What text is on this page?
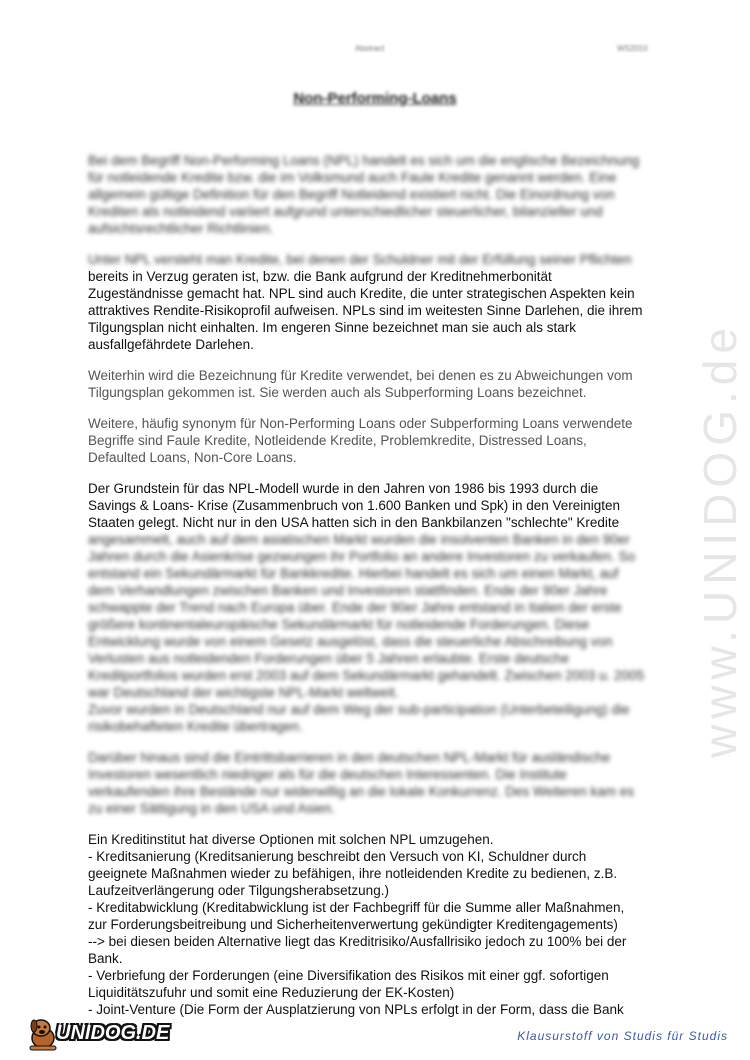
Abstract	WS2010
Non-Performing-Loans

Bei dem Begriff Non-Performing Loans (NPL) handelt es sich um die englische Bezeichnung
für notleidende Kredite bzw. die im Volksmund auch Faule Kredite genannt werden. Eine
allgemein gültige Definition für den Begriff Notleidend existiert nicht. Die Einordnung von
Krediten als notleidend variiert aufgrund unterschiedlicher steuerlicher, bilanzieller und
aufsichtsrechtlicher Richtlinien.

Unter NPL versteht man Kredite, bei denen der Schuldner mit der Erfüllung seiner Pflichten

bereits in Verzug geraten ist, bzw. die Bank aufgrund der Kreditnehmerbonität
Zugeständnisse gemacht hat. NPL sind auch Kredite, die unter strategischen Aspekten kein
attraktives Rendite-Risikoprofil aufweisen. NPLs sind im weitesten Sinne Darlehen, die ihrem
Tilgungsplan nicht einhalten. Im engeren Sinne bezeichnet man sie auch als stark
ausfallgefährdete Darlehen.

Weiterhin wird die Bezeichnung für Kredite verwendet, bei denen es zu Abweichungen vom
Tilgungsplan gekommen ist. Sie werden auch als Subperforming Loans bezeichnet.

Weitere, häufig synonym für Non-Performing Loans oder Subperforming Loans verwendete
Begriffe sind Faule Kredite, Notleidende Kredite, Problemkredite, Distressed Loans,
Defaulted Loans, Non-Core Loans.

Der Grundstein für das NPL-Modell wurde in den Jahren von 1986 bis 1993 durch die
Savings & Loans- Krise (Zusammenbruch von 1.600 Banken und Spk) in den Vereinigten
Staaten gelegt. Nicht nur in den USA hatten sich in den Bankbilanzen "schlechte" Kredite

angesammelt, auch auf dem asiatischen Markt wurden die insolventen Banken in den 90er
Jahren durch die Asienkrise gezwungen ihr Portfolio an andere Investoren zu verkaufen. So
entstand ein Sekundärmarkt für Bankkredite. Hierbei handelt es sich um einen Markt, auf
dem Verhandlungen zwischen Banken und Investoren stattfinden. Ende der 90er Jahre
schwappte der Trend nach Europa über. Ende der 90er Jahre entstand in Italien der erste
größere kontinentaleuropäische Sekundärmarkt für notleidende Forderungen. Diese
Entwicklung wurde von einem Gesetz ausgelöst, dass die steuerliche Abschreibung von
Verlusten aus notleidenden Forderungen über 5 Jahren erlaubte. Erste deutsche
Kreditportfolios wurden erst 2003 auf dem Sekundärmarkt gehandelt. Zwischen 2003 u. 2005
war Deutschland der wichtigste NPL-Markt weltweit.
Zuvor wurden in Deutschland nur auf dem Weg der sub-participation (Unterbeteiligung) die
risikobehafteten Kredite übertragen.

Darüber hinaus sind die Eintrittsbarrieren in den deutschen NPL-Markt für ausländische
Investoren wesentlich niedriger als für die deutschen Interessenten. Die Institute
verkaufenden ihre Bestände nur widerwillig an die lokale Konkurrenz. Des Weiteren kam es
zu einer Sättigung in den USA und Asien.

Ein Kreditinstitut hat diverse Optionen mit solchen NPL umzugehen.
- Kreditsanierung (Kreditsanierung beschreibt den Versuch von KI, Schuldner durch
geeignete Maßnahmen wieder zu befähigen, ihre notleidenden Kredite zu bedienen, z.B.
Laufzeitverlängerung oder Tilgungsherabsetzung.)
- Kreditabwicklung (Kreditabwicklung ist der Fachbegriff für die Summe aller Maßnahmen,
zur Forderungsbeitreibung und Sicherheitenverwertung gekündigter Kreditengagements)
--> bei diesen beiden Alternative liegt das Kreditrisiko/Ausfallrisiko jedoch zu 100% bei der
Bank.
- Verbriefung der Forderungen (eine Diversifikation des Risikos mit einer ggf. sofortigen
Liquiditätszufuhr und somit eine Reduzierung der EK-Kosten)
- Joint-Venture (Die Form der Ausplatzierung von NPLs erfolgt in der Form, dass die Bank

www.UNIDOG.de
UNIDOG.DE	Klausurstoff von Studis für Studis
